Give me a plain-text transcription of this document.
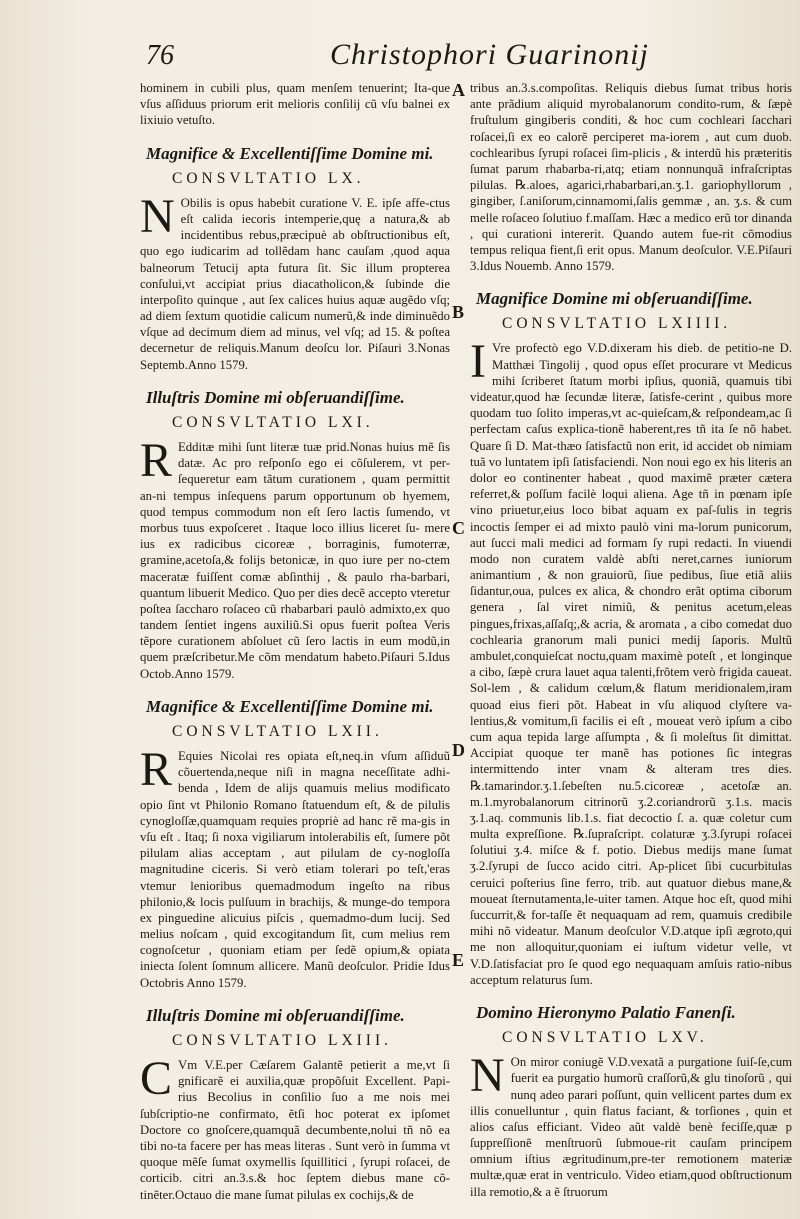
76	Christophori Guarinonij
A
B
C
D
E

hominem in cubili plus, quam menſem tenuerint; Ita-que vſus aſſiduus priorum erit melioris conſilij cũ vſu balnei ex lixiuio vetuſto.

Magnifice & Excellentiſſime Domine mi.
CONSVLTATIO LX.

N Obilis is opus habebit curatione V. E. ipſe affe-ctus eſt calida iecoris intemperie,quę a natura,& ab incidentibus rebus,præcipuè ab obſtructionibus eſt, quo ego iudicarim ad tollẽdam hanc cauſam ,quod aqua balneorum Tetucij apta futura ſit. Sic illum propterea conſului,vt accipiat prius diacatholicon,& ſubinde die interpoſito quinque , aut ſex calices huius aquæ augẽdo vſq; ad diem ſextum quotidie calicum numerũ,& inde diminuẽdo vſque ad decimum diem ad minus, vel vſq; ad 15. & poſtea decernetur de reliquis.Manum deoſcu lor. Piſauri 3.Nonas Septemb.Anno 1579.

Illuſtris Domine mi obſeruandiſſime.
CONSVLTATIO LXI.

R Edditæ mihi ſunt literæ tuæ prid.Nonas huius mẽ ſis datæ. Ac pro reſponſo ego ei cõſulerem, vt per-ſequeretur eam tãtum curationem , quam permittit an-ni tempus inſequens parum opportunum ob hyemem, quod tempus commodum non eſt ſero lactis ſumendo, vt morbus tuus expoſceret . Itaque loco illius liceret ſu- mere ius ex radicibus cicoreæ , borraginis, fumoterræ, gramine,acetoſa,& folijs betonicæ, in quo iure per no-ctem maceratæ fuiſſent comæ abſinthij , & paulo rha-barbari, quantum libuerit Medico. Quo per dies decẽ accepto vteretur poſtea ſaccharo roſaceo cũ rhabarbari paulò admixto,ex quo tandem ſentiet ingens auxiliũ.Si opus fuerit poſtea Veris tẽpore curationem abſoluet cũ ſero lactis in eum modũ,in quem præſcribetur.Me cõm mendatum habeto.Piſauri 5.Idus Octob.Anno 1579.

Magnifice & Excellentiſſime Domine mi.
CONSVLTATIO LXII.

R Equies Nicolai res opiata eſt,neq.in vſum aſſiduũ cõuertenda,neque niſi in magna neceſſitate adhi-benda , Idem de alijs quamuis melius modificato opio ſint vt Philonio Romano ſtatuendum eſt, & de pilulis cynogloſſæ,quamquam requies propriè ad hanc rẽ ma-gis in vſu eſt . Itaq; ſi noxa vigiliarum intolerabilis eſt, ſumere põt pilulam alias acceptam , aut pilulam de cy-nogloſſa magnitudine ciceris. Si verò etiam tolerari po teſt,'eras vtemur lenioribus quemadmodum ingeſto na ribus philonio,& locis pulſuum in brachijs, & munge-do tempora ex pinguedine alicuius piſcis , quemadmo-dum lucij. Sed melius noſcam , quid excogitandum ſit, cum melius rem cognoſcetur , quoniam etiam per ſedẽ opium,& opiata iniecta ſolent ſomnum allicere. Manũ deoſculor. Pridie Idus Octobris Anno 1579.

Illuſtris Domine mi obſeruandiſſime.
CONSVLTATIO LXIII.

C Vm V.E.per Cæſarem Galantẽ petierit a me,vt ſi gnificarẽ ei auxilia,quæ propõſuit Excellent. Papi-rius Becolius in conſilio ſuo a me nois mei ſubſcriptio-ne confirmato, ẽtſi hoc poterat ex ipſomet Doctore co gnoſcere,quamquã decumbente,nolui tñ nõ ea tibi no-ta facere per has meas literas . Sunt verò in ſumma vt quoque mẽſe ſumat oxymellis ſquillitici , ſyrupi roſacei, de corticib. citri an.3.s.& hoc ſeptem diebus mane cõ-tinẽter.Octauo die mane ſumat pilulas ex cochijs,& de

tribus an.3.s.compoſitas. Reliquis diebus ſumat tribus horis ante prãdium aliquid myrobalanorum condito-rum, & ſæpè fruſtulum gingiberis conditi, & hoc cum cochleari ſacchari roſacei,ſi ex eo calorẽ perciperet ma-iorem , aut cum duob. cochlearibus ſyrupi roſacei ſim-plicis , & interdũ his præteritis ſumat parum rhabarba-ri,atq; etiam nonnunquã infraſcriptas pilulas. ℞.aloes, agarici,rhabarbari,an.ʒ.1. gariophyllorum , gingiber, ſ.aniſorum,cinnamomi,ſalis gemmæ , an. ʒ.s. & cum melle roſaceo ſolutiuo f.maſſam. Hæc a medico erũ tor dinanda , qui curationi intererit. Quando autem fue-rit cõmodius tempus reliqua fient,ſi erit opus. Manum deoſculor. V.E.Piſauri 3.Idus Nouemb. Anno 1579.

Magnifice Domine mi obſeruandiſſime.
CONSVLTATIO LXIIII.

I Vre profectò ego V.D.dixeram his dieb. de petitio-ne D. Matthæi Tingolij , quod opus eſſet procurare vt Medicus mihi ſcriberet ſtatum morbi ipſius, quoniã, quamuis tibi videatur,quod hæ ſecundæ literæ, ſatisfe-cerint , quibus more quodam tuo ſolito imperas,vt ac-quieſcam,& reſpondeam,ac ſi perfectam caſus explica-tionẽ haberent,res tñ ita ſe nõ habet. Quare ſi D. Mat-thæo ſatisfactũ non erit, id accidet ob nimiam tuã vo luntatem ipſi ſatisfaciendi. Non noui ego ex his literis an dolor eo continenter habeat , quod maximẽ præter cætera referret,& poſſum facilè loqui aliena. Age tñ in pœnam ipſe vino priuetur,eius loco bibat aquam ex paſ-ſulis in tegris incoctis ſemper ei ad mixto paulò vini ma-lorum punicorum, aut ſucci mali medici ad formam ſy rupi redacti. In viuendi modo non curatem valdè abſti neret,carnes iuniorum animantium , & non grauiorũ, ſiue pedibus, ſiue etiã aliis ſidantur,oua, pulces ex alica, & chondro erãt optima ciborum genera , ſal viret nimiũ, & penitus acetum,eleas pingues,frixas,aſſaſq;,& acria, & aromata , a cibo comedat duo cochlearia granorum mali punici medij ſaporis. Multũ ambulet,conquieſcat noctu,quam maximè poteſt , et longinque a cibo, ſæpè crura lauet aqua talenti,frõtem verò frigida caueat. Sol-lem , & calidum cœlum,& flatum meridionalem,iram quoad eius fieri põt. Habeat in vſu aliquod clyſtere va-lentius,& vomitum,ſi facilis ei eſt , moueat verò ipſum a cibo cum aqua tepida large aſſumpta , & ſi moleſtus ſit dimittat. Accipiat quoque ter manẽ has potiones ſic integras intermittendo inter vnam & alteram tres dies. ℞.tamarindor.ʒ.1.ſebeſten nu.5.cicoreæ , acetoſæ an. m.1.myrobalanorum citrinorũ ʒ.2.coriandrorũ ʒ.1.s. macis ʒ.1.aq. communis lib.1.s. fiat decoctio ſ. a. quæ coletur cum multa expreſſione. ℞.ſupraſcript. colaturæ ʒ.3.ſyrupi roſacei ſolutiui ʒ.4. miſce & f. potio. Diebus medijs mane ſumat ʒ.2.ſyrupi de ſucco acido citri. Ap-plicet ſibi cucurbitulas ceruici poſterius ſine ferro, trib. aut quatuor diebus mane,& moueat ſternutamenta,le-uiter tamen. Atque hoc eſt, quod mihi ſuccurrit,& for-taſſe ẽt nequaquam ad rem, quamuis credibile mihi nõ videatur. Manum deoſculor V.D.atque ipſi ægroto,qui me non alloquitur,quoniam ei iuſtum videtur velle, vt V.D.ſatisfaciat pro ſe quod ego nequaquam amſuis ratio-nibus acceptum relaturus ſum.

Domino Hieronymo Palatio Fanenſi.
CONSVLTATIO LXV.

N On miror coniugẽ V.D.vexatã a purgatione ſuiſ-ſe,cum fuerit ea purgatio humorũ craſſorũ,& glu tinoſorũ , qui nunq adeo parari poſſunt, quin vellicent partes dum ex illis conuelluntur , quin flatus faciant, & torſiones , quin et alios caſus efficiant. Video aũt valdè benè feciſſe,quæ p ſuppreſſionẽ menſtruorũ ſubmoue-rit cauſam principem omnium iſtius ægritudinum,pre-ter remotionem materiæ multæ,quæ erat in ventriculo. Video etiam,quod obſtructionum illa remotio,& a ẽ ſtruorum
